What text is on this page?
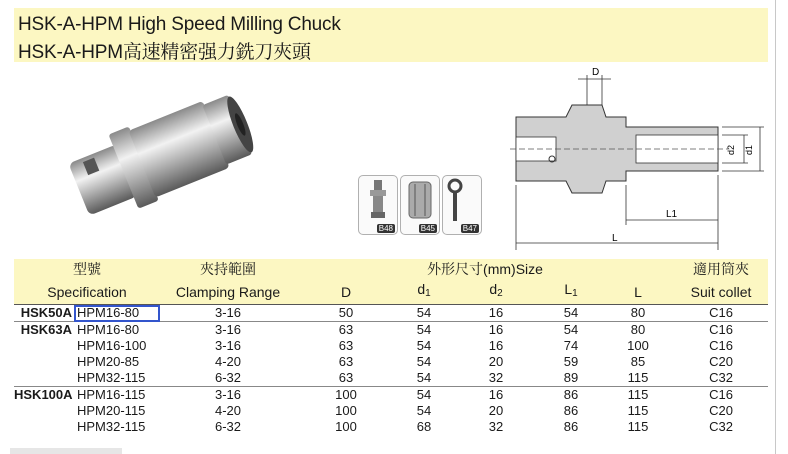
HSK-A-HPM High Speed Milling Chuck
HSK-A-HPM高速精密强力銑刀夾頭
B48	B45	B47
D
d2 d1
L1
L
型號		夾持範圍	外形尺寸(mm)Size					適用筒夾
Specification		Clamping Range	D	$d_1$	$d_2$	$L_1$	L	Suit collet
HSK50A	HPM16-80	3-16	50	54	16	54	80	C16
HSK63A	HPM16-80	3-16	63	54	16	54	80	C16
	HPM16-100	3-16	63	54	16	74	100	C16
	HPM20-85	4-20	63	54	20	59	85	C20
	HPM32-115	6-32	63	54	32	89	115	C32
HSK100A	HPM16-115	3-16	100	54	16	86	115	C16
	HPM20-115	4-20	100	54	20	86	115	C20
	HPM32-115	6-32	100	68	32	86	115	C32
